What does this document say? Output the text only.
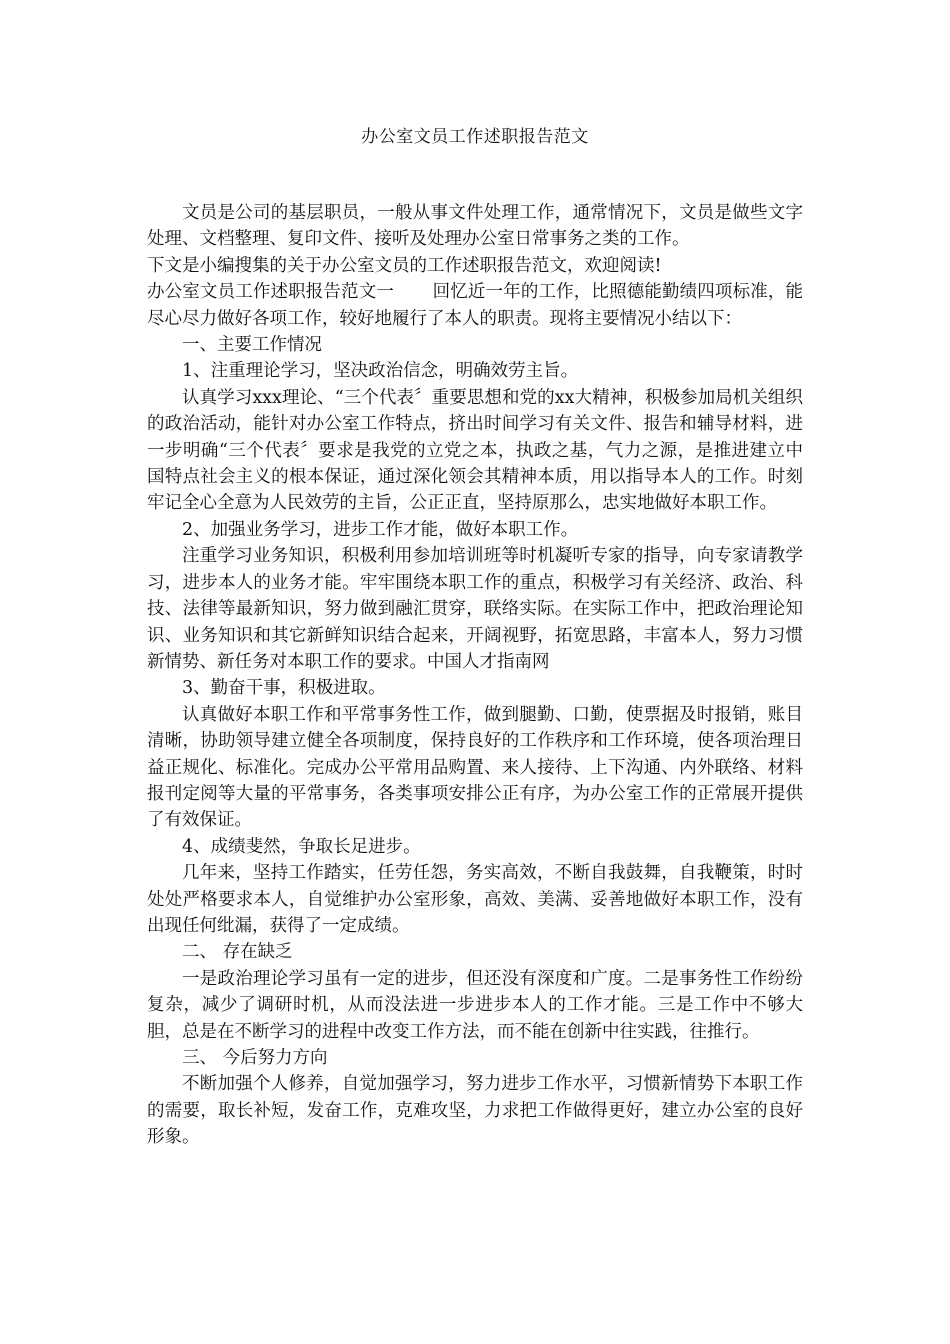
办公室文员工作述职报告范文

文员是公司的基层职员，一般从事文件处理工作，通常情况下，文员是做些文字处理、文档整理、复印文件、接听及处理办公室日常事务之类的工作。

下文是小编搜集的关于办公室文员的工作述职报告范文，欢迎阅读!

办公室文员工作述职报告范文一 回忆近一年的工作，比照德能勤绩四项标准，能尽心尽力做好各项工作，较好地履行了本人的职责。现将主要情况小结以下：

一、主要工作情况

1、注重理论学习，坚决政治信念，明确效劳主旨。

认真学习xxx理论、“三个代表〞重要思想和党的xx大精神，积极参加局机关组织的政治活动，能针对办公室工作特点，挤出时间学习有关文件、报告和辅导材料，进一步明确“三个代表〞要求是我党的立党之本，执政之基，气力之源，是推进建立中国特点社会主义的根本保证，通过深化领会其精神本质，用以指导本人的工作。时刻牢记全心全意为人民效劳的主旨，公正正直，坚持原那么，忠实地做好本职工作。

2、加强业务学习，进步工作才能，做好本职工作。

注重学习业务知识，积极利用参加培训班等时机凝听专家的指导，向专家请教学习，进步本人的业务才能。牢牢围绕本职工作的重点，积极学习有关经济、政治、科技、法律等最新知识，努力做到融汇贯穿，联络实际。在实际工作中，把政治理论知识、业务知识和其它新鲜知识结合起来，开阔视野，拓宽思路，丰富本人，努力习惯新情势、新任务对本职工作的要求。中国人才指南网

3、勤奋干事，积极进取。

认真做好本职工作和平常事务性工作，做到腿勤、口勤，使票据及时报销，账目清晰，协助领导建立健全各项制度，保持良好的工作秩序和工作环境，使各项治理日益正规化、标准化。完成办公平常用品购置、来人接待、上下沟通、内外联络、材料报刊定阅等大量的平常事务，各类事项安排公正有序，为办公室工作的正常展开提供了有效保证。

4、成绩斐然，争取长足进步。

几年来，坚持工作踏实，任劳任怨，务实高效，不断自我鼓舞，自我鞭策，时时处处严格要求本人，自觉维护办公室形象，高效、美满、妥善地做好本职工作，没有出现任何纰漏，获得了一定成绩。

二、 存在缺乏

一是政治理论学习虽有一定的进步，但还没有深度和广度。二是事务性工作纷纷复杂，减少了调研时机，从而没法进一步进步本人的工作才能。三是工作中不够大胆，总是在不断学习的进程中改变工作方法，而不能在创新中往实践，往推行。

三、 今后努力方向

不断加强个人修养，自觉加强学习，努力进步工作水平，习惯新情势下本职工作的需要，取长补短，发奋工作，克难攻坚，力求把工作做得更好，建立办公室的良好形象。
